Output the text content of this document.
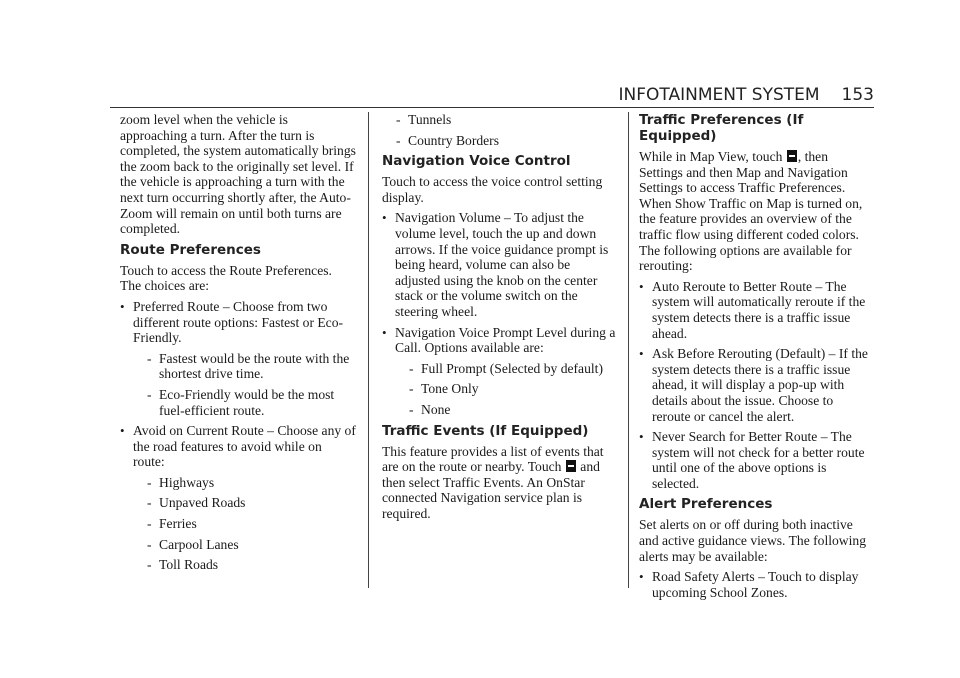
INFOTAINMENT SYSTEM 153

zoom level when the vehicle is approaching a turn. After the turn is completed, the system automatically brings the zoom back to the originally set level. If the vehicle is approaching a turn with the next turn occurring shortly after, the Auto-Zoom will remain on until both turns are completed.

Route Preferences

Touch to access the Route Preferences. The choices are:

• Preferred Route – Choose from two different route options: Fastest or Eco-Friendly.
- Fastest would be the route with the shortest drive time.
- Eco-Friendly would be the most fuel-efficient route.
• Avoid on Current Route – Choose any of the road features to avoid while on route:
- Highways
- Unpaved Roads
- Ferries
- Carpool Lanes
- Toll Roads
- Tunnels
- Country Borders
Navigation Voice Control

Touch to access the voice control setting display.

• Navigation Volume – To adjust the volume level, touch the up and down arrows. If the voice guidance prompt is being heard, volume can also be adjusted using the knob on the center stack or the volume switch on the steering wheel.
• Navigation Voice Prompt Level during a Call. Options available are:
- Full Prompt (Selected by default)
- Tone Only
- None
Traffic Events (If Equipped)

This feature provides a list of events that are on the route or nearby. Touch and then select Traffic Events. An OnStar connected Navigation service plan is required.

Traffic Preferences (If Equipped)

While in Map View, touch , then Settings and then Map and Navigation Settings to access Traffic Preferences. When Show Traffic on Map is turned on, the feature provides an overview of the traffic flow using different coded colors. The following options are available for rerouting:

• Auto Reroute to Better Route – The system will automatically reroute if the system detects there is a traffic issue ahead.
• Ask Before Rerouting (Default) – If the system detects there is a traffic issue ahead, it will display a pop-up with details about the issue. Choose to reroute or cancel the alert.
• Never Search for Better Route – The system will not check for a better route until one of the above options is selected.
Alert Preferences

Set alerts on or off during both inactive and active guidance views. The following alerts may be available:

• Road Safety Alerts – Touch to display upcoming School Zones.
